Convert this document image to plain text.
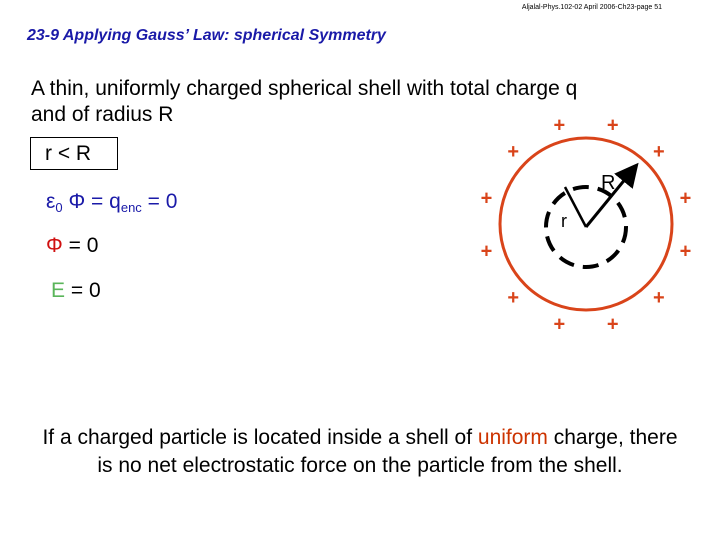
Aljalal-Phys.102-02 April 2006-Ch23-page 51
23-9 Applying Gauss’ Law: spherical Symmetry
A thin, uniformly charged spherical shell with total charge q and of radius R
r < R
$\varepsilon_0$ $\Phi = q_{enc} = 0$
Φ = 0
E = 0
R
r
+
+
+
+
+
+
+
+
+ +
+
+
If a charged particle is located inside a shell of uniform charge, there is no net electrostatic force on the particle from the shell.
